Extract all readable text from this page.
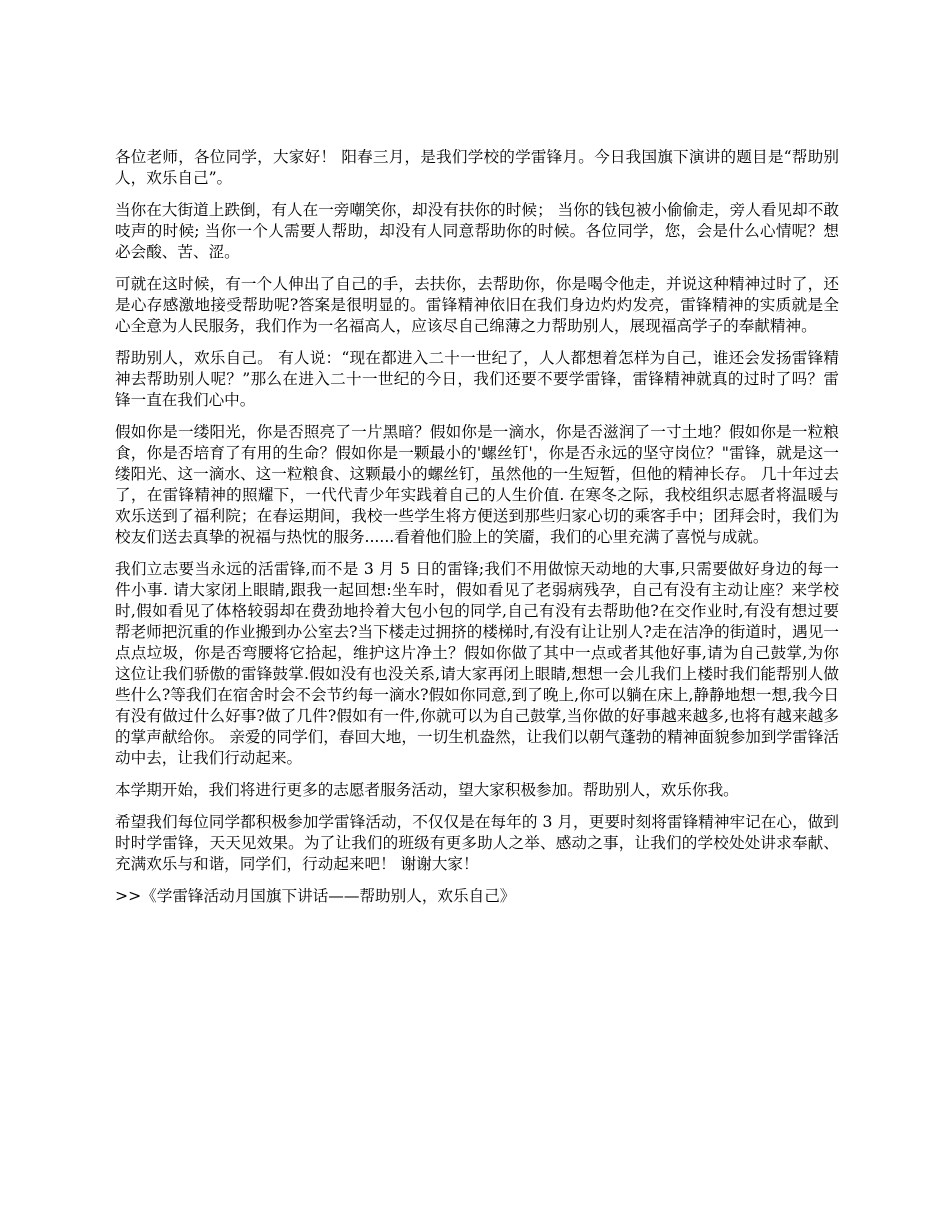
各位老师，各位同学，大家好！ 阳春三月，是我们学校的学雷锋月。今日我国旗下演讲的题目是“帮助别人，欢乐自己”。

当你在大街道上跌倒，有人在一旁嘲笑你，却没有扶你的时候； 当你的钱包被小偷偷走，旁人看见却不敢吱声的时候; 当你一个人需要人帮助，却没有人同意帮助你的时候。各位同学，您，会是什么心情呢？想必会酸、苦、涩。

可就在这时候，有一个人伸出了自己的手，去扶你，去帮助你，你是喝令他走，并说这种精神过时了，还是心存感激地接受帮助呢?答案是很明显的。雷锋精神依旧在我们身边灼灼发亮，雷锋精神的实质就是全心全意为人民服务，我们作为一名福高人，应该尽自己绵薄之力帮助别人，展现福高学子的奉献精神。

帮助别人，欢乐自己。 有人说：“现在都进入二十一世纪了，人人都想着怎样为自己，谁还会发扬雷锋精神去帮助别人呢？”那么在进入二十一世纪的今日，我们还要不要学雷锋，雷锋精神就真的过时了吗？雷锋一直在我们心中。

假如你是一缕阳光，你是否照亮了一片黑暗？假如你是一滴水，你是否滋润了一寸土地？假如你是一粒粮食，你是否培育了有用的生命？假如你是一颗最小的'螺丝钉'，你是否永远的坚守岗位？"雷锋，就是这一缕阳光、这一滴水、这一粒粮食、这颗最小的螺丝钉，虽然他的一生短暂，但他的精神长存。 几十年过去了，在雷锋精神的照耀下，一代代青少年实践着自己的人生价值. 在寒冬之际，我校组织志愿者将温暖与欢乐送到了福利院；在春运期间，我校一些学生将方便送到那些归家心切的乘客手中；团拜会时，我们为校友们送去真挚的祝福与热忱的服务......看着他们脸上的笑靥，我们的心里充满了喜悦与成就。

我们立志要当永远的活雷锋,而不是 3 月 5 日的雷锋;我们不用做惊天动地的大事,只需要做好身边的每一件小事. 请大家闭上眼睛,跟我一起回想:坐车时，假如看见了老弱病残孕，自己有没有主动让座？来学校时,假如看见了体格较弱却在费劲地拎着大包小包的同学,自己有没有去帮助他?在交作业时,有没有想过要帮老师把沉重的作业搬到办公室去?当下楼走过拥挤的楼梯时,有没有让让别人?走在洁净的街道时，遇见一点点垃圾，你是否弯腰将它拾起，维护这片净土？假如你做了其中一点或者其他好事,请为自己鼓掌,为你这位让我们骄傲的雷锋鼓掌.假如没有也没关系,请大家再闭上眼睛,想想一会儿我们上楼时我们能帮别人做些什么?等我们在宿舍时会不会节约每一滴水?假如你同意,到了晚上,你可以躺在床上,静静地想一想,我今日有没有做过什么好事?做了几件?假如有一件,你就可以为自己鼓掌,当你做的好事越来越多,也将有越来越多的掌声献给你。 亲爱的同学们，春回大地，一切生机盎然，让我们以朝气蓬勃的精神面貌参加到学雷锋活动中去，让我们行动起来。

本学期开始，我们将进行更多的志愿者服务活动，望大家积极参加。帮助别人，欢乐你我。

希望我们每位同学都积极参加学雷锋活动，不仅仅是在每年的 3 月，更要时刻将雷锋精神牢记在心，做到时时学雷锋，天天见效果。为了让我们的班级有更多助人之举、感动之事，让我们的学校处处讲求奉献、充满欢乐与和谐，同学们，行动起来吧！ 谢谢大家！

>>《学雷锋活动月国旗下讲话——帮助别人，欢乐自己》
